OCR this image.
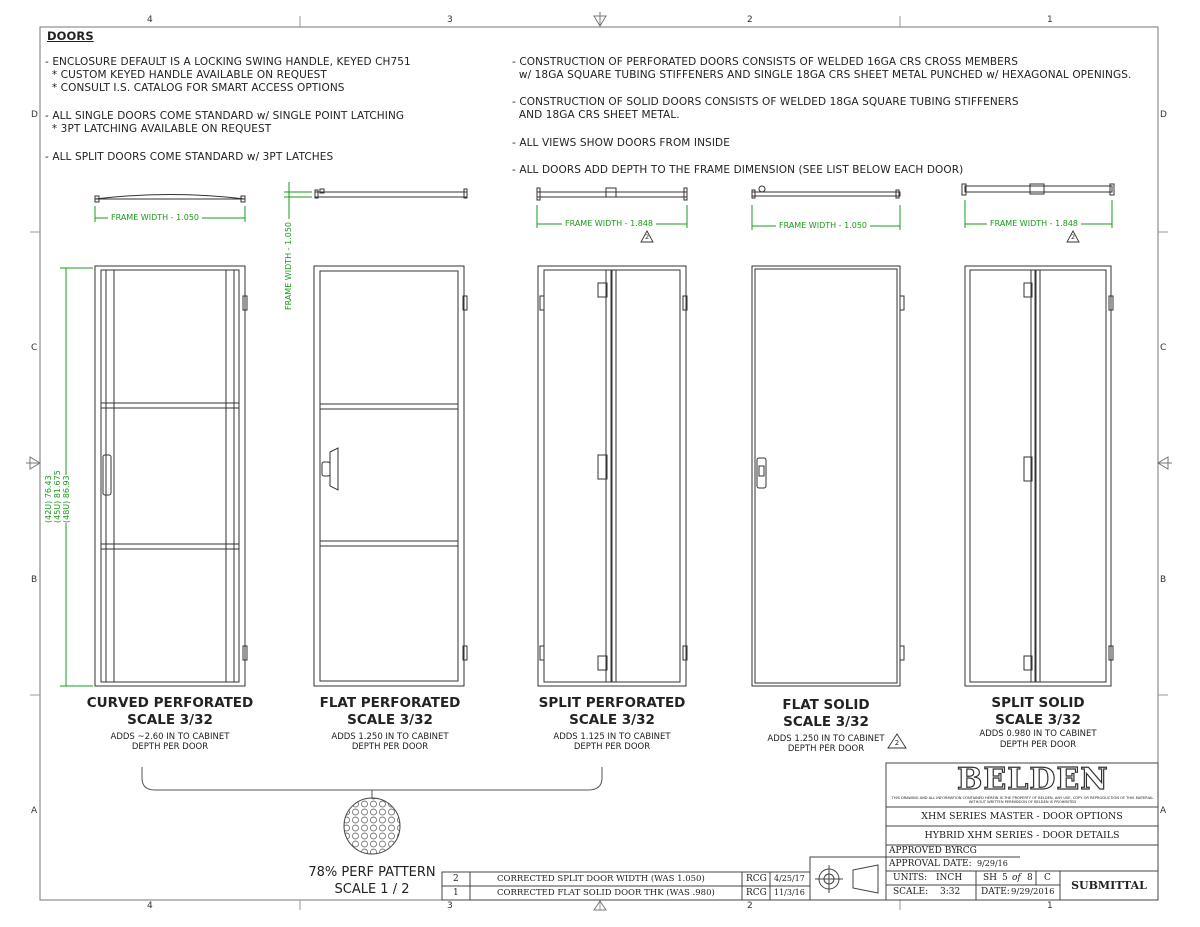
4	3	2	1
4	3	2	1
D
C
B
A
D
C
B
A
DOORS
- ENCLOSURE DEFAULT IS A LOCKING SWING HANDLE, KEYED CH751
* CUSTOM KEYED HANDLE AVAILABLE ON REQUEST
* CONSULT I.S. CATALOG FOR SMART ACCESS OPTIONS
- ALL SINGLE DOORS COME STANDARD w/ SINGLE POINT LATCHING
* 3PT LATCHING AVAILABLE ON REQUEST
- ALL SPLIT DOORS COME STANDARD w/ 3PT LATCHES
- CONSTRUCTION OF PERFORATED DOORS CONSISTS OF WELDED 16GA CRS CROSS MEMBERS
w/ 18GA SQUARE TUBING STIFFENERS AND SINGLE 18GA CRS SHEET METAL PUNCHED w/ HEXAGONAL OPENINGS.
- CONSTRUCTION OF SOLID DOORS CONSISTS OF WELDED 18GA SQUARE TUBING STIFFENERS
AND 18GA CRS SHEET METAL.
- ALL VIEWS SHOW DOORS FROM INSIDE
- ALL DOORS ADD DEPTH TO THE FRAME DIMENSION (SEE LIST BELOW EACH DOOR)
FRAME WIDTH - 1.050
FRAME WIDTH - 1.050	FRAME WIDTH - 1.848	FRAME WIDTH - 1.050	FRAME WIDTH - 1.848
2	2
(42U) 76.43 (45U) 81.675 (48U) 86.93
CURVED PERFORATED
SCALE 3/32
ADDS ~2.60 IN TO CABINET
DEPTH PER DOOR
FLAT PERFORATED
SCALE 3/32
ADDS 1.250 IN TO CABINET
DEPTH PER DOOR
SPLIT PERFORATED
SCALE 3/32
ADDS 1.125 IN TO CABINET
DEPTH PER DOOR
FLAT SOLID
SCALE 3/32
ADDS 1.250 IN TO CABINET
DEPTH PER DOOR
SPLIT SOLID
SCALE 3/32
ADDS 0.980 IN TO CABINET
DEPTH PER DOOR
2
78% PERF PATTERN
SCALE 1 / 2
2	CORRECTED SPLIT DOOR WIDTH (WAS 1.050)	RCG 4/25/17
1	CORRECTED FLAT SOLID DOOR THK (WAS .980)	RCG 11/3/16
BELDEN
THIS DRAWING AND ALL INFORMATION CONTAINED HEREIN IS THE PROPERTY OF BELDEN. ANY USE, COPY OR REPRODUCTION OF THIS MATERIAL WITHOUT WRITTEN PERMISSION OF BELDEN IS PROHIBITED
XHM SERIES MASTER - DOOR OPTIONS
HYBRID XHM SERIES - DOOR DETAILS
APPROVED BY:
RCG
APPROVAL DATE: 9/29/16
UNITS: INCH SH 5 of 8 C
SCALE: 3:32 DATE: 9/29/2016	SUBMITTAL
